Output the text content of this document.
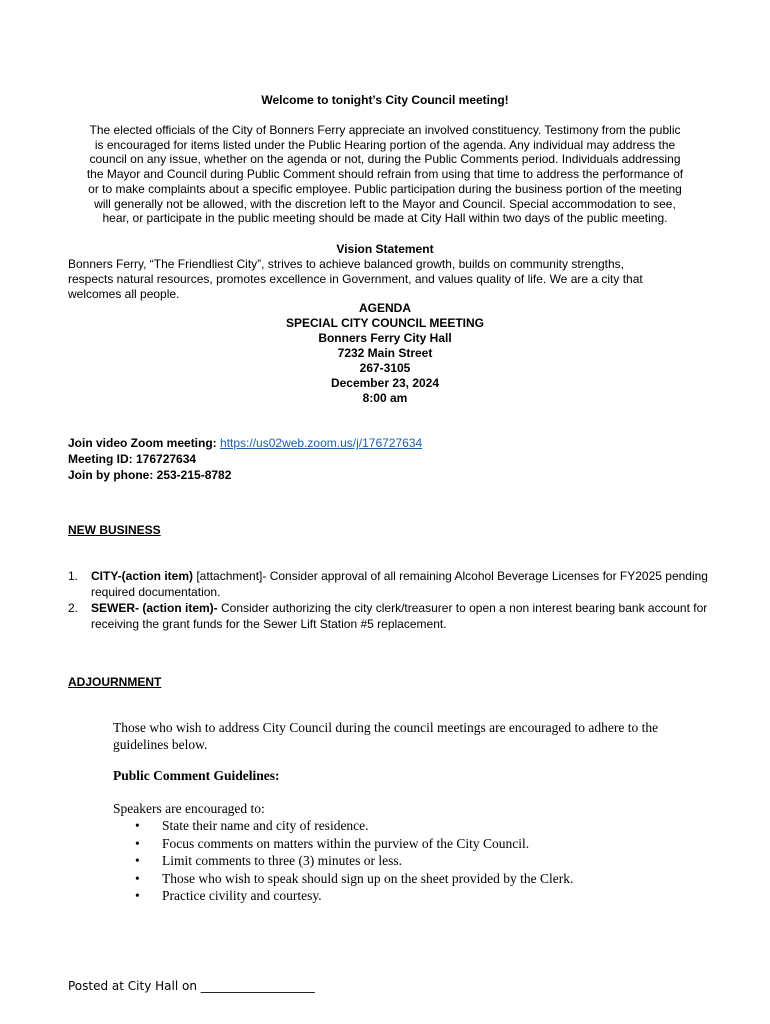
Welcome to tonight’s City Council meeting!
The elected officials of the City of Bonners Ferry appreciate an involved constituency. Testimony from the public
is encouraged for items listed under the Public Hearing portion of the agenda. Any individual may address the
council on any issue, whether on the agenda or not, during the Public Comments period. Individuals addressing
the Mayor and Council during Public Comment should refrain from using that time to address the performance of
or to make complaints about a specific employee. Public participation during the business portion of the meeting
will generally not be allowed, with the discretion left to the Mayor and Council. Special accommodation to see,
hear, or participate in the public meeting should be made at City Hall within two days of the public meeting.
Vision Statement
Bonners Ferry, “The Friendliest City”, strives to achieve balanced growth, builds on community strengths, respects natural resources, promotes excellence in Government, and values quality of life. We are a city that welcomes all people.
AGENDA
SPECIAL CITY COUNCIL MEETING
Bonners Ferry City Hall
7232 Main Street
267-3105
December 23, 2024
8:00 am
Join video Zoom meeting: https://us02web.zoom.us/j/176727634
Meeting ID: 176727634
Join by phone: 253-215-8782
NEW BUSINESS
1.	CITY-(action item) [attachment]- Consider approval of all remaining Alcohol Beverage Licenses for FY2025 pending required documentation.
2.	SEWER- (action item)- Consider authorizing the city clerk/treasurer to open a non interest bearing bank account for receiving the grant funds for the Sewer Lift Station #5 replacement.
ADJOURNMENT
Those who wish to address City Council during the council meetings are encouraged to adhere to the guidelines below.
Public Comment Guidelines:
Speakers are encouraged to:
• State their name and city of residence.
• Focus comments on matters within the purview of the City Council.
• Limit comments to three (3) minutes or less.
• Those who wish to speak should sign up on the sheet provided by the Clerk.
• Practice civility and courtesy.
Posted at City Hall on ___________________
